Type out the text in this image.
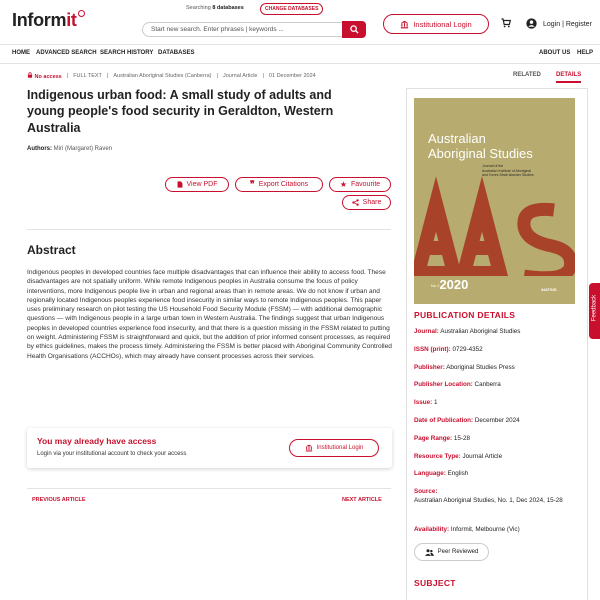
Informit
Searching 8 databases	CHANGE DATABASES
Start new search. Enter phrases | keywords ...
Institutional Login	Login | Register
HOME ADVANCED SEARCH SEARCH HISTORY DATABASES	ABOUT US HELP
No access | FULL TEXT | Australian Aboriginal Studies (Canberra) | Journal Article | 01 December 2024
Indigenous urban food: A small study of adults and young people's food security in Geraldton, Western Australia
Authors: Miri (Margaret) Raven
View PDF	❞ Export Citations	★ Favourite
Share
Abstract
Indigenous peoples in developed countries face multiple disadvantages that can influence their ability to access food. These disadvantages are not spatially uniform. While remote Indigenous peoples in Australia consume the focus of policy interventions, more Indigenous people live in urban and regional areas than in remote areas. We do not know if urban and regionally located Indigenous peoples experience food insecurity in similar ways to remote Indigenous peoples. This paper uses preliminary research on pilot testing the US Household Food Security Module (FSSM) — with additional demographic questions — with Indigenous people in a large urban town in Western Australia. The findings suggest that urban Indigenous peoples in developed countries experience food insecurity, and that there is a question missing in the FSSM related to putting on weight. Administering FSSM is straightforward and quick, but the addition of prior informed consent processes, as required by ethics guidelines, makes the process timely. Administering the FSSM is better placed with Aboriginal Community Controlled Health Organisations (ACCHOs), which may already have consent processes across their services.
You may already have access
Login via your institutional account to check your access
Institutional Login
PREVIOUS ARTICLE	NEXT ARTICLE
RELATED	DETAILS
Australian
Aboriginal Studies
Journal of the
Australian Institute of Aboriginal
and Torres Strait Islander Studies
No 22020	AIATSIS
PUBLICATION DETAILS
Journal: Australian Aboriginal Studies
ISSN (print): 0729-4352
Publisher: Aboriginal Studies Press
Publisher Location: Canberra
Issue: 1
Date of Publication: December 2024
Page Range: 15-28
Resource Type: Journal Article
Language: English
Source:
Australian Aboriginal Studies, No. 1, Dec 2024, 15-28
Availability: Informit, Melbourne (Vic)
Peer Reviewed
SUBJECT
Feedback
